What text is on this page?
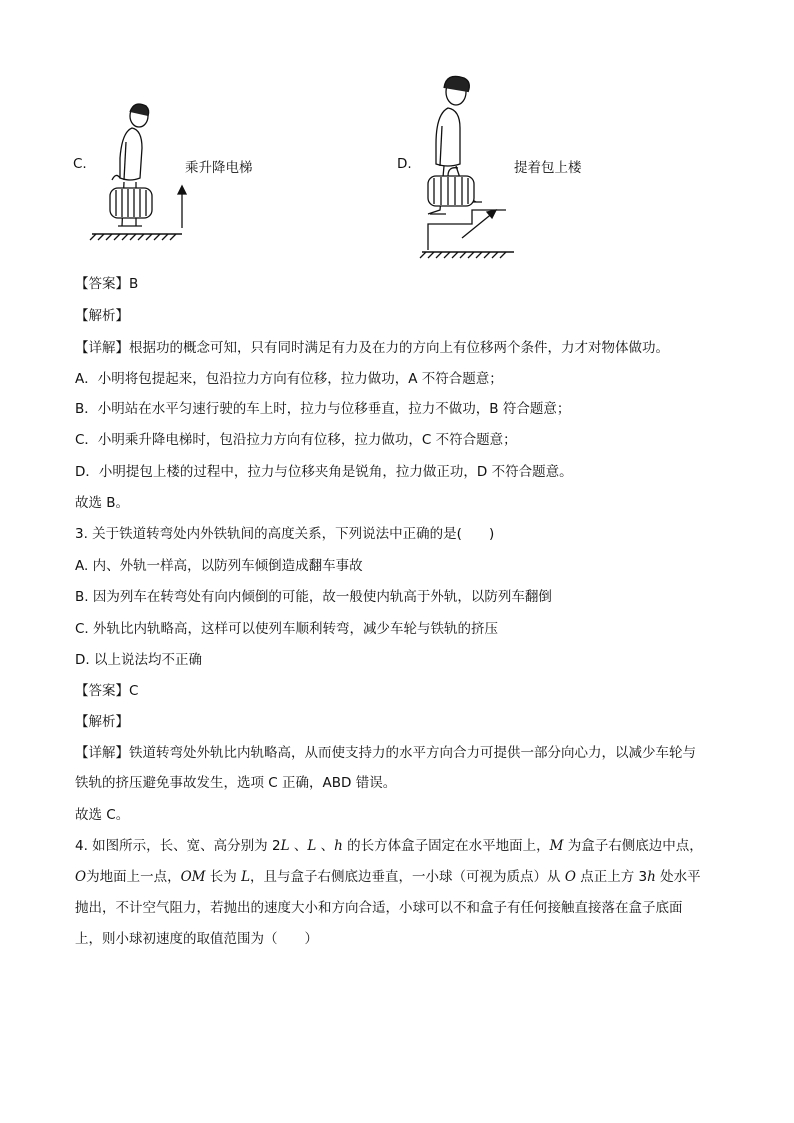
C.	乘升降电梯	D.	提着包上楼
【答案】B
【解析】
【详解】根据功的概念可知，只有同时满足有力及在力的方向上有位移两个条件，力才对物体做功。
A．小明将包提起来，包沿拉力方向有位移，拉力做功，A 不符合题意；
B．小明站在水平匀速行驶的车上时，拉力与位移垂直，拉力不做功，B 符合题意；
C．小明乘升降电梯时，包沿拉力方向有位移，拉力做功，C 不符合题意；
D．小明提包上楼的过程中，拉力与位移夹角是锐角，拉力做正功，D 不符合题意。
故选 B。
3. 关于铁道转弯处内外铁轨间的高度关系，下列说法中正确的是(　　)
A. 内、外轨一样高，以防列车倾倒造成翻车事故
B. 因为列车在转弯处有向内倾倒的可能，故一般使内轨高于外轨，以防列车翻倒
C. 外轨比内轨略高，这样可以使列车顺利转弯，减少车轮与铁轨的挤压
D. 以上说法均不正确
【答案】C
【解析】
【详解】铁道转弯处外轨比内轨略高，从而使支持力的水平方向合力可提供一部分向心力，以减少车轮与
铁轨的挤压避免事故发生，选项 C 正确，ABD 错误。
故选 C。
4. 如图所示，长、宽、高分别为 2L 、L 、h 的长方体盒子固定在水平地面上，M 为盒子右侧底边中点，
O为地面上一点，OM 长为 L，且与盒子右侧底边垂直，一小球（可视为质点）从 O 点正上方 3h 处水平
抛出，不计空气阻力，若抛出的速度大小和方向合适，小球可以不和盒子有任何接触直接落在盒子底面
上，则小球初速度的取值范围为（　　）
